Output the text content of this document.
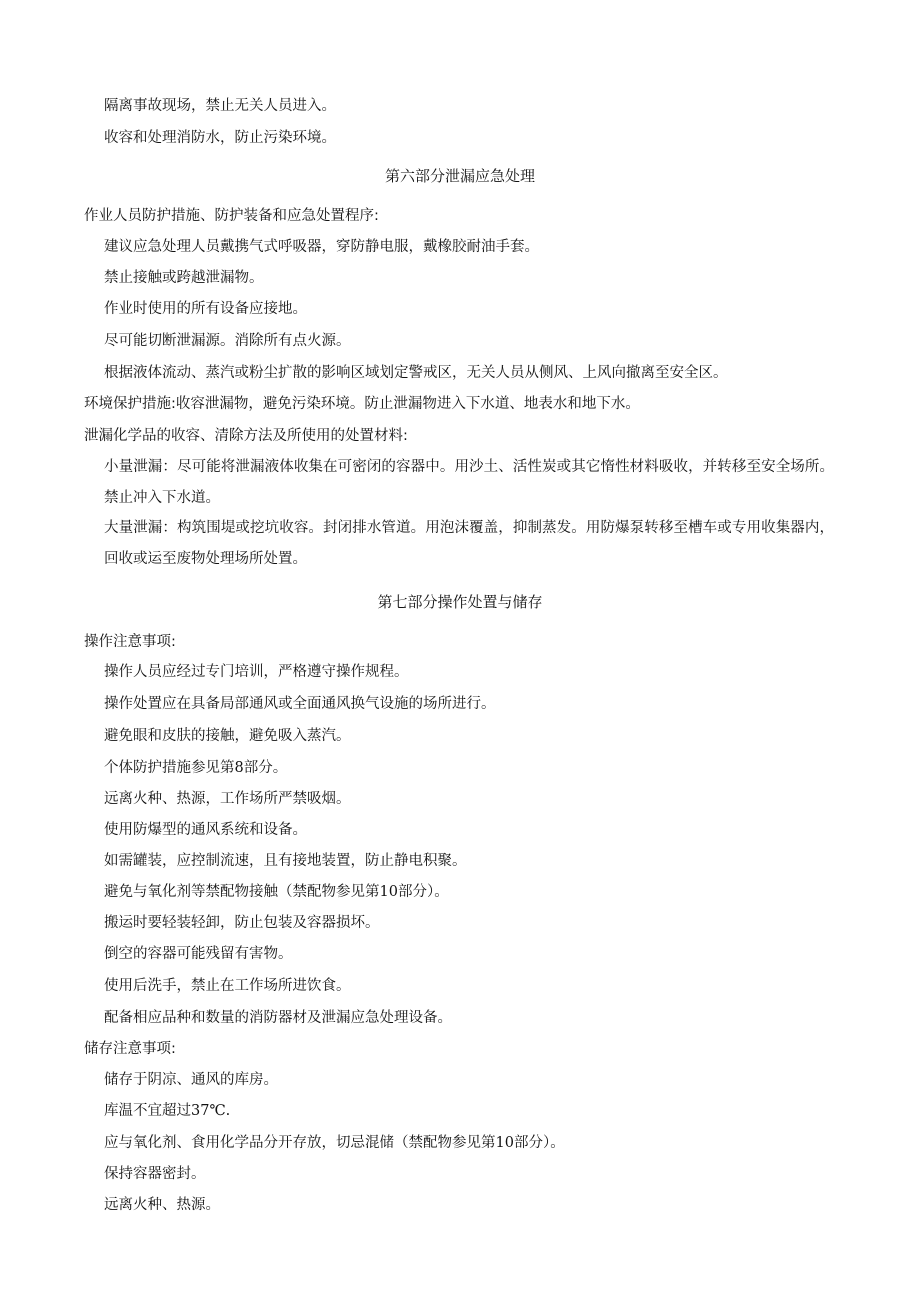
隔离事故现场，禁止无关人员进入。
收容和处理消防水，防止污染环境。
第六部分泄漏应急处理
作业人员防护措施、防护装备和应急处置程序:
建议应急处理人员戴携气式呼吸器，穿防静电服，戴橡胶耐油手套。
禁止接触或跨越泄漏物。
作业时使用的所有设备应接地。
尽可能切断泄漏源。消除所有点火源。
根据液体流动、蒸汽或粉尘扩散的影响区域划定警戒区，无关人员从侧风、上风向撤离至安全区。
环境保护措施:收容泄漏物，避免污染环境。防止泄漏物进入下水道、地表水和地下水。
泄漏化学品的收容、清除方法及所使用的处置材料:
小量泄漏：尽可能将泄漏液体收集在可密闭的容器中。用沙土、活性炭或其它惰性材料吸收，并转移至安全场所。禁止冲入下水道。
大量泄漏：构筑围堤或挖坑收容。封闭排水管道。用泡沫覆盖，抑制蒸发。用防爆泵转移至槽车或专用收集器内，回收或运至废物处理场所处置。
第七部分操作处置与储存
操作注意事项:
操作人员应经过专门培训，严格遵守操作规程。
操作处置应在具备局部通风或全面通风换气设施的场所进行。
避免眼和皮肤的接触，避免吸入蒸汽。
个体防护措施参见第8部分。
远离火种、热源，工作场所严禁吸烟。
使用防爆型的通风系统和设备。
如需罐装，应控制流速，且有接地装置，防止静电积聚。
避免与氧化剂等禁配物接触（禁配物参见第10部分）。
搬运时要轻装轻卸，防止包装及容器损坏。
倒空的容器可能残留有害物。
使用后洗手，禁止在工作场所进饮食。
配备相应品种和数量的消防器材及泄漏应急处理设备。
储存注意事项:
储存于阴凉、通风的库房。
库温不宜超过37℃.
应与氧化剂、食用化学品分开存放，切忌混储（禁配物参见第10部分）。
保持容器密封。
远离火种、热源。
